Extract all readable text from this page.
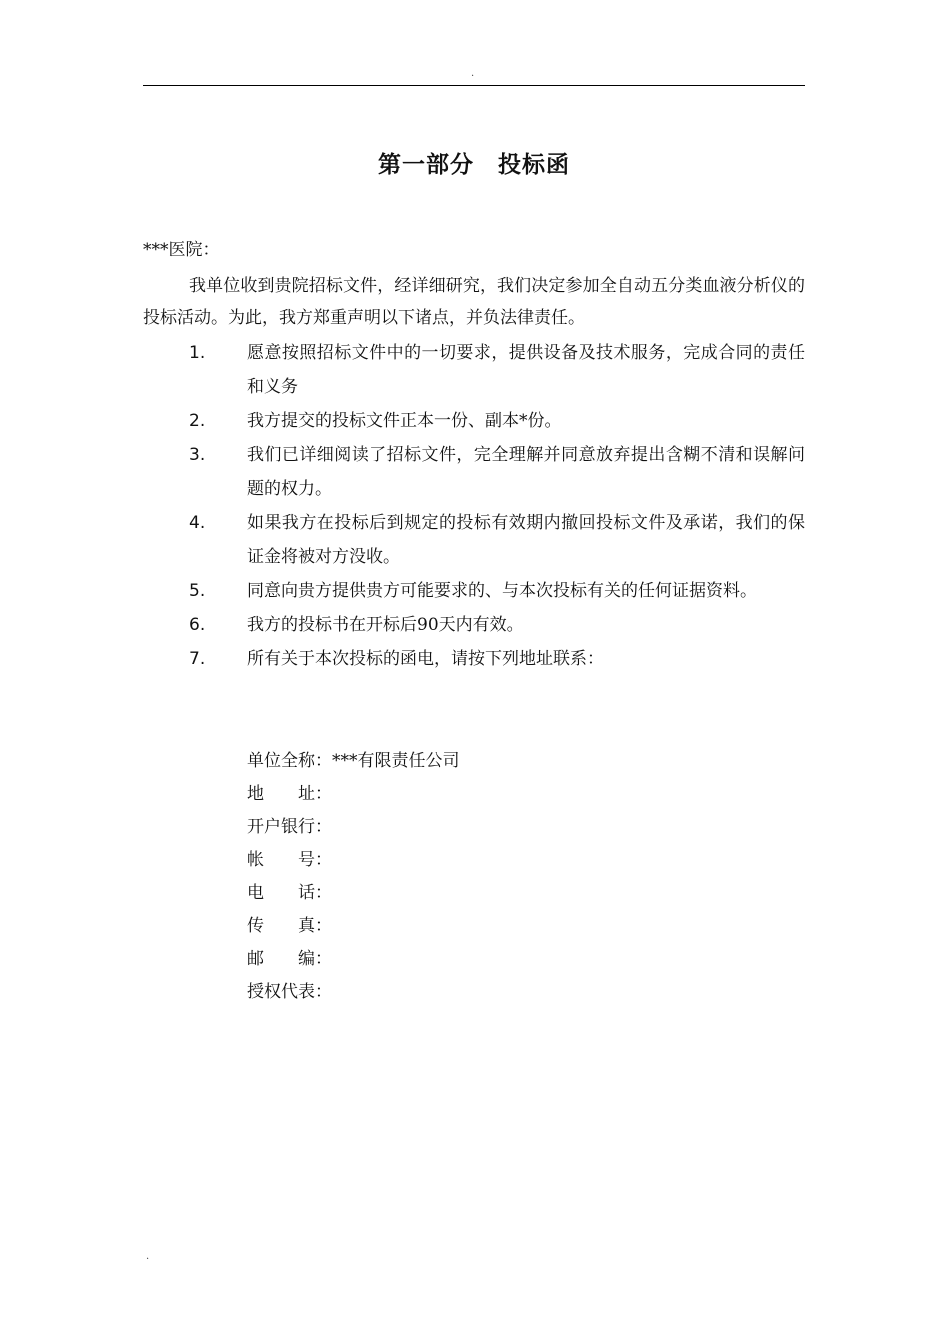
.
第一部分　投标函
***医院：

我单位收到贵院招标文件，经详细研究，我们决定参加全自动五分类血液分析仪的投标活动。为此，我方郑重声明以下诸点，并负法律责任。

1. 愿意按照招标文件中的一切要求，提供设备及技术服务，完成合同的责任和义务
2. 我方提交的投标文件正本一份、副本*份。
3. 我们已详细阅读了招标文件，完全理解并同意放弃提出含糊不清和误解问题的权力。
4. 如果我方在投标后到规定的投标有效期内撤回投标文件及承诺，我们的保证金将被对方没收。
5. 同意向贵方提供贵方可能要求的、与本次投标有关的任何证据资料。
6. 我方的投标书在开标后90天内有效。
7. 所有关于本次投标的函电，请按下列地址联系：
单位全称：***有限责任公司
地　　址：
开户银行：
帐　　号：
电　　话：
传　　真：
邮　　编：
授权代表：
.
